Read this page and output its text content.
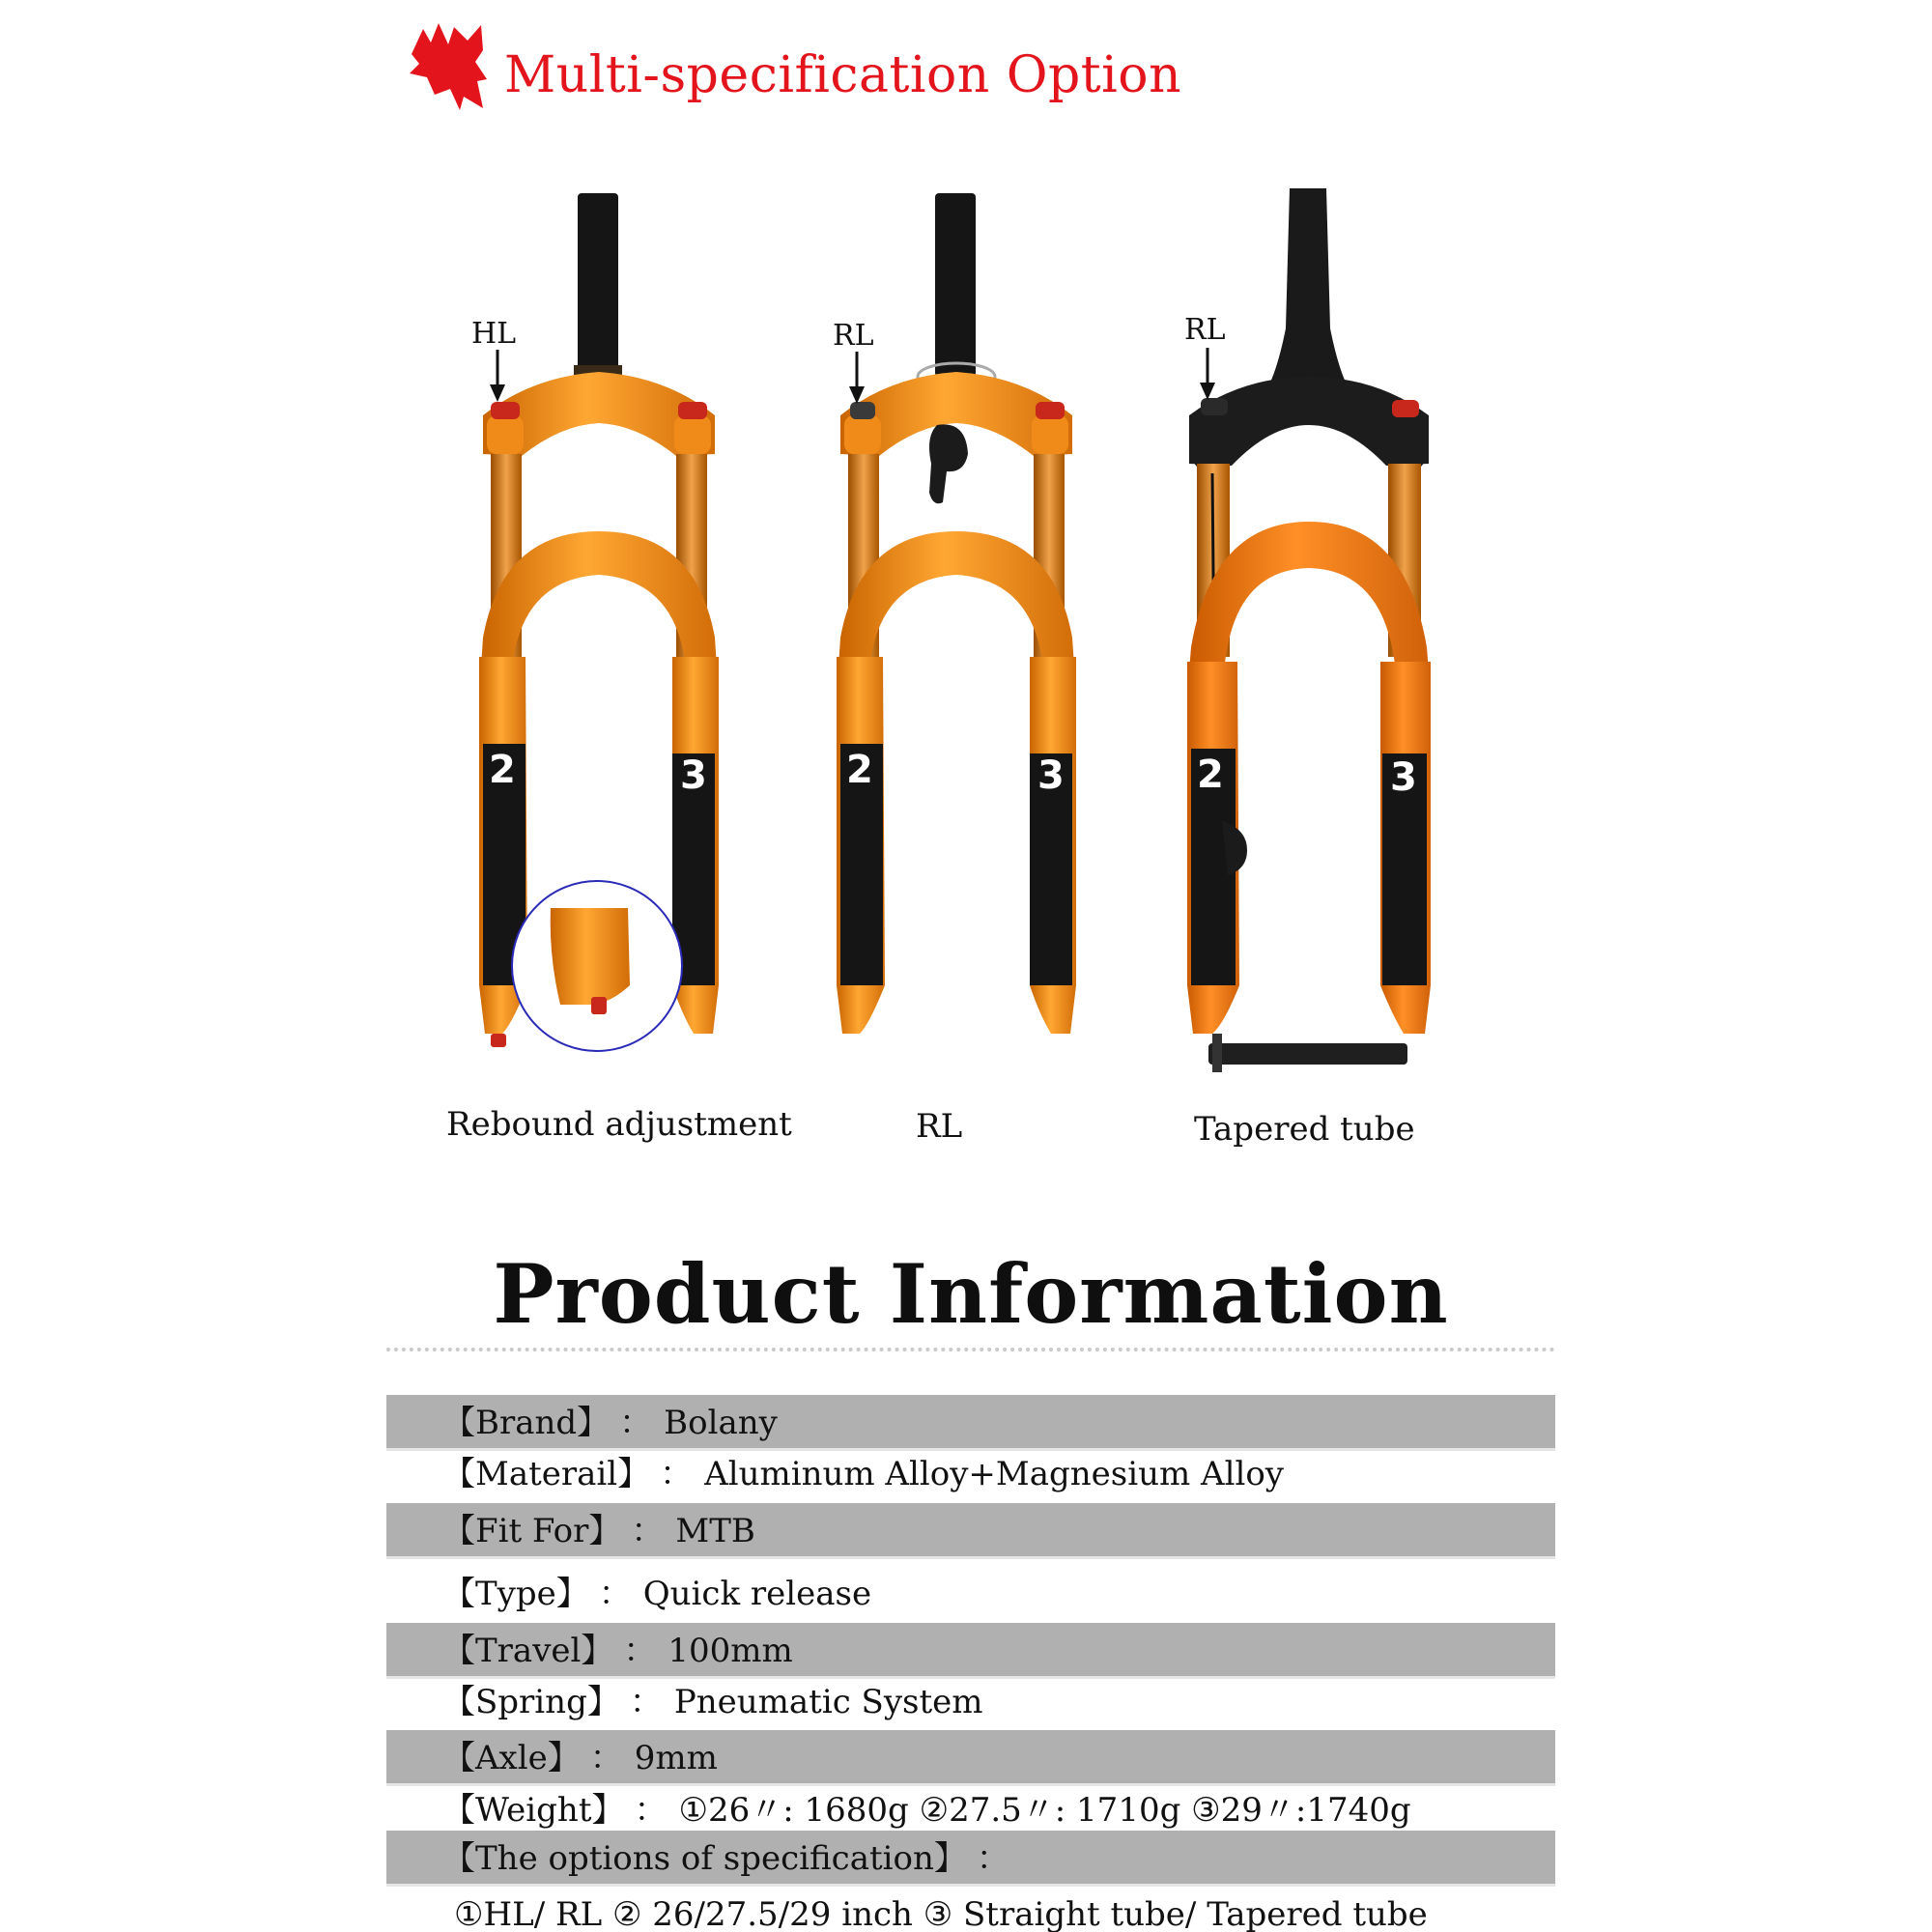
Multi-specification Option
2	3
HL
Rebound adjustment
2	3
RL
RL
2	3
RL
Tapered tube
Product Information
【Brand】 ： Bolany
【Materail】 ： Aluminum Alloy+Magnesium Alloy
【Fit For】 ： MTB
【Type】 ： Quick release
【Travel】 ： 100mm
【Spring】 ： Pneumatic System
【Axle】 ： 9mm
【Weight】 ： ①26〃: 1680g ②27.5〃: 1710g ③29〃:1740g
【The options of specification】 ：
①HL/ RL ② 26/27.5/29 inch ③ Straight tube/ Tapered tube
